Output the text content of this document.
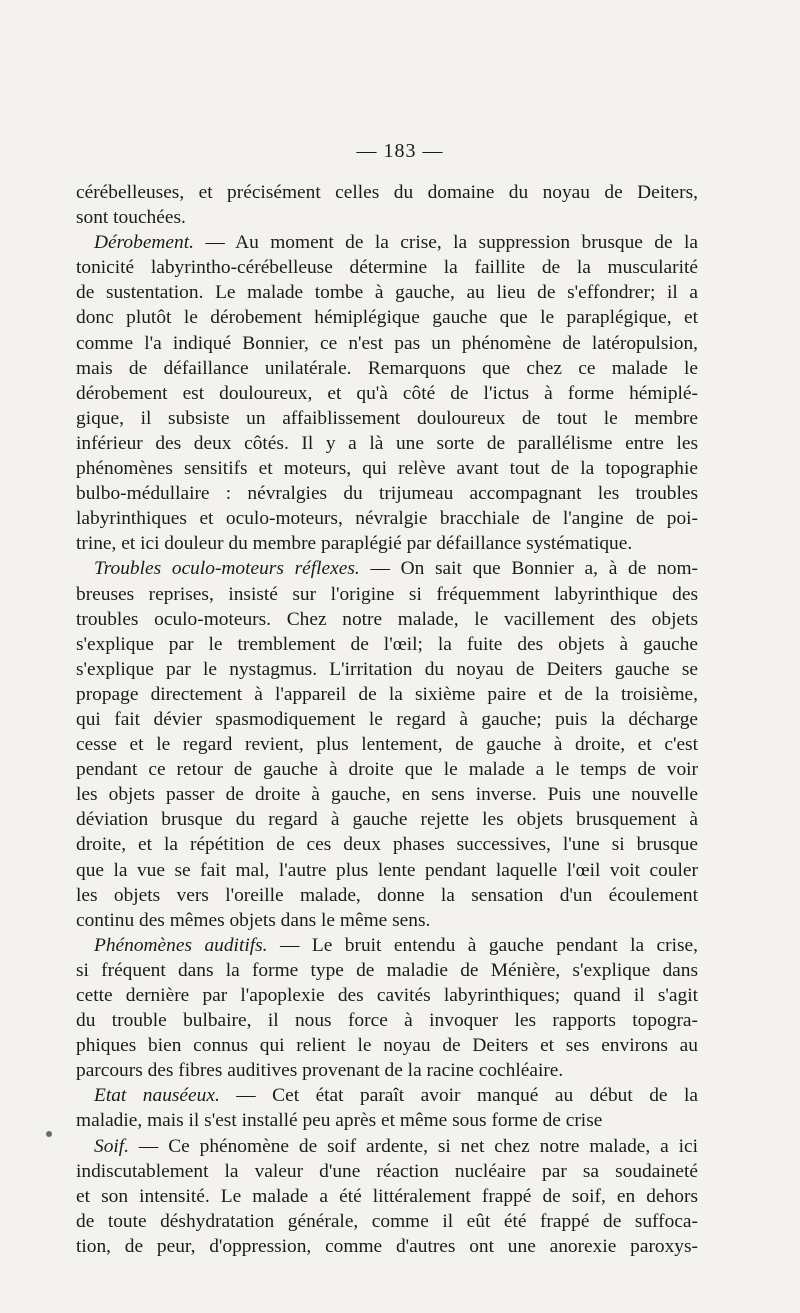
— 183 —
cérébelleuses, et précisément celles du domaine du noyau de Deiters,
sont touchées.
Dérobement. — Au moment de la crise, la suppression brusque de la
tonicité labyrintho-cérébelleuse détermine la faillite de la muscularité
de sustentation. Le malade tombe à gauche, au lieu de s'effondrer; il a
donc plutôt le dérobement hémiplégique gauche que le paraplégique, et
comme l'a indiqué Bonnier, ce n'est pas un phénomène de latéropulsion,
mais de défaillance unilatérale. Remarquons que chez ce malade le
dérobement est douloureux, et qu'à côté de l'ictus à forme hémiplé-
gique, il subsiste un affaiblissement douloureux de tout le membre
inférieur des deux côtés. Il y a là une sorte de parallélisme entre les
phénomènes sensitifs et moteurs, qui relève avant tout de la topographie
bulbo-médullaire : névralgies du trijumeau accompagnant les troubles
labyrinthiques et oculo-moteurs, névralgie bracchiale de l'angine de poi-
trine, et ici douleur du membre paraplégié par défaillance systématique.
Troubles oculo-moteurs réflexes. — On sait que Bonnier a, à de nom-
breuses reprises, insisté sur l'origine si fréquemment labyrinthique des
troubles oculo-moteurs. Chez notre malade, le vacillement des objets
s'explique par le tremblement de l'œil; la fuite des objets à gauche
s'explique par le nystagmus. L'irritation du noyau de Deiters gauche se
propage directement à l'appareil de la sixième paire et de la troisième,
qui fait dévier spasmodiquement le regard à gauche; puis la décharge
cesse et le regard revient, plus lentement, de gauche à droite, et c'est
pendant ce retour de gauche à droite que le malade a le temps de voir
les objets passer de droite à gauche, en sens inverse. Puis une nouvelle
déviation brusque du regard à gauche rejette les objets brusquement à
droite, et la répétition de ces deux phases successives, l'une si brusque
que la vue se fait mal, l'autre plus lente pendant laquelle l'œil voit couler
les objets vers l'oreille malade, donne la sensation d'un écoulement
continu des mêmes objets dans le même sens.
Phénomènes auditifs. — Le bruit entendu à gauche pendant la crise,
si fréquent dans la forme type de maladie de Ménière, s'explique dans
cette dernière par l'apoplexie des cavités labyrinthiques; quand il s'agit
du trouble bulbaire, il nous force à invoquer les rapports topogra-
phiques bien connus qui relient le noyau de Deiters et ses environs au
parcours des fibres auditives provenant de la racine cochléaire.
Etat nauséeux. — Cet état paraît avoir manqué au début de la
maladie, mais il s'est installé peu après et même sous forme de crise
Soif. — Ce phénomène de soif ardente, si net chez notre malade, a ici
indiscutablement la valeur d'une réaction nucléaire par sa soudaineté
et son intensité. Le malade a été littéralement frappé de soif, en dehors
de toute déshydratation générale, comme il eût été frappé de suffoca-
tion, de peur, d'oppression, comme d'autres ont une anorexie paroxys-
